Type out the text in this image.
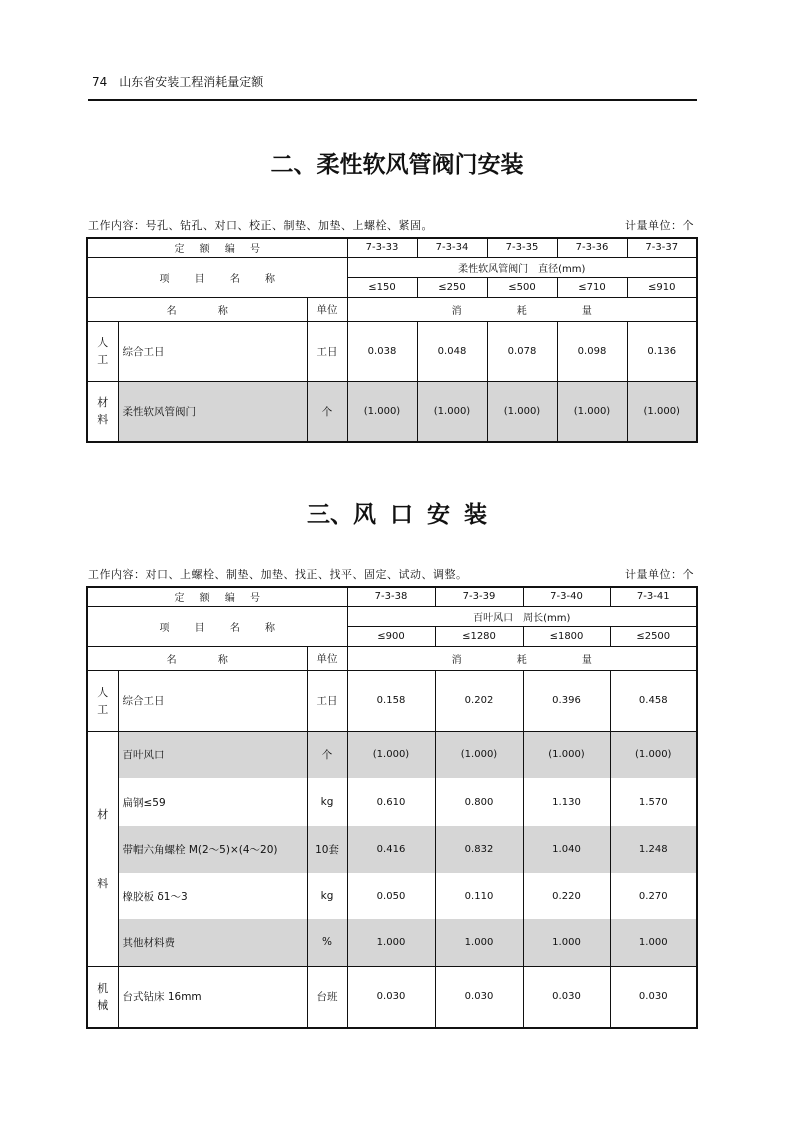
74 山东省安装工程消耗量定额
二、柔性软风管阀门安装
工作内容：号孔、钻孔、对口、校正、制垫、加垫、上螺栓、紧固。	计量单位：个
定 额 编 号			7-3-33	7-3-34	7-3-35	7-3-36	7-3-37
项 目 名 称			柔性软风管阀门 直径(mm)				
			≤150	≤250	≤500	≤710	≤910
名 称		单位	消 耗 量				

人工	综合工日	工日	0.038	0.048	0.078	0.098	0.136

材料	柔性软风管阀门	个	(1.000)	(1.000)	(1.000)	(1.000)	(1.000)
三、风 口 安 装
工作内容：对口、上螺栓、制垫、加垫、找正、找平、固定、试动、调整。	计量单位：个
定 额 编 号			7-3-38	7-3-39	7-3-40	7-3-41
项 目 名 称			百叶风口 周长(mm)			
			≤900	≤1280	≤1800	≤2500
名 称		单位	消 耗 量			

人工	综合工日	工日	0.158	0.202	0.396	0.458

材料	百叶风口	个	(1.000)	(1.000)	(1.000)	(1.000)
	扁钢≤59	kg	0.610	0.800	1.130	1.570
	带帽六角螺栓 M(2～5)×(4～20)	10套	0.416	0.832	1.040	1.248
	橡胶板 δ1～3	kg	0.050	0.110	0.220	0.270
	其他材料费	%	1.000	1.000	1.000	1.000

机械	台式钻床 16mm	台班	0.030	0.030	0.030	0.030
